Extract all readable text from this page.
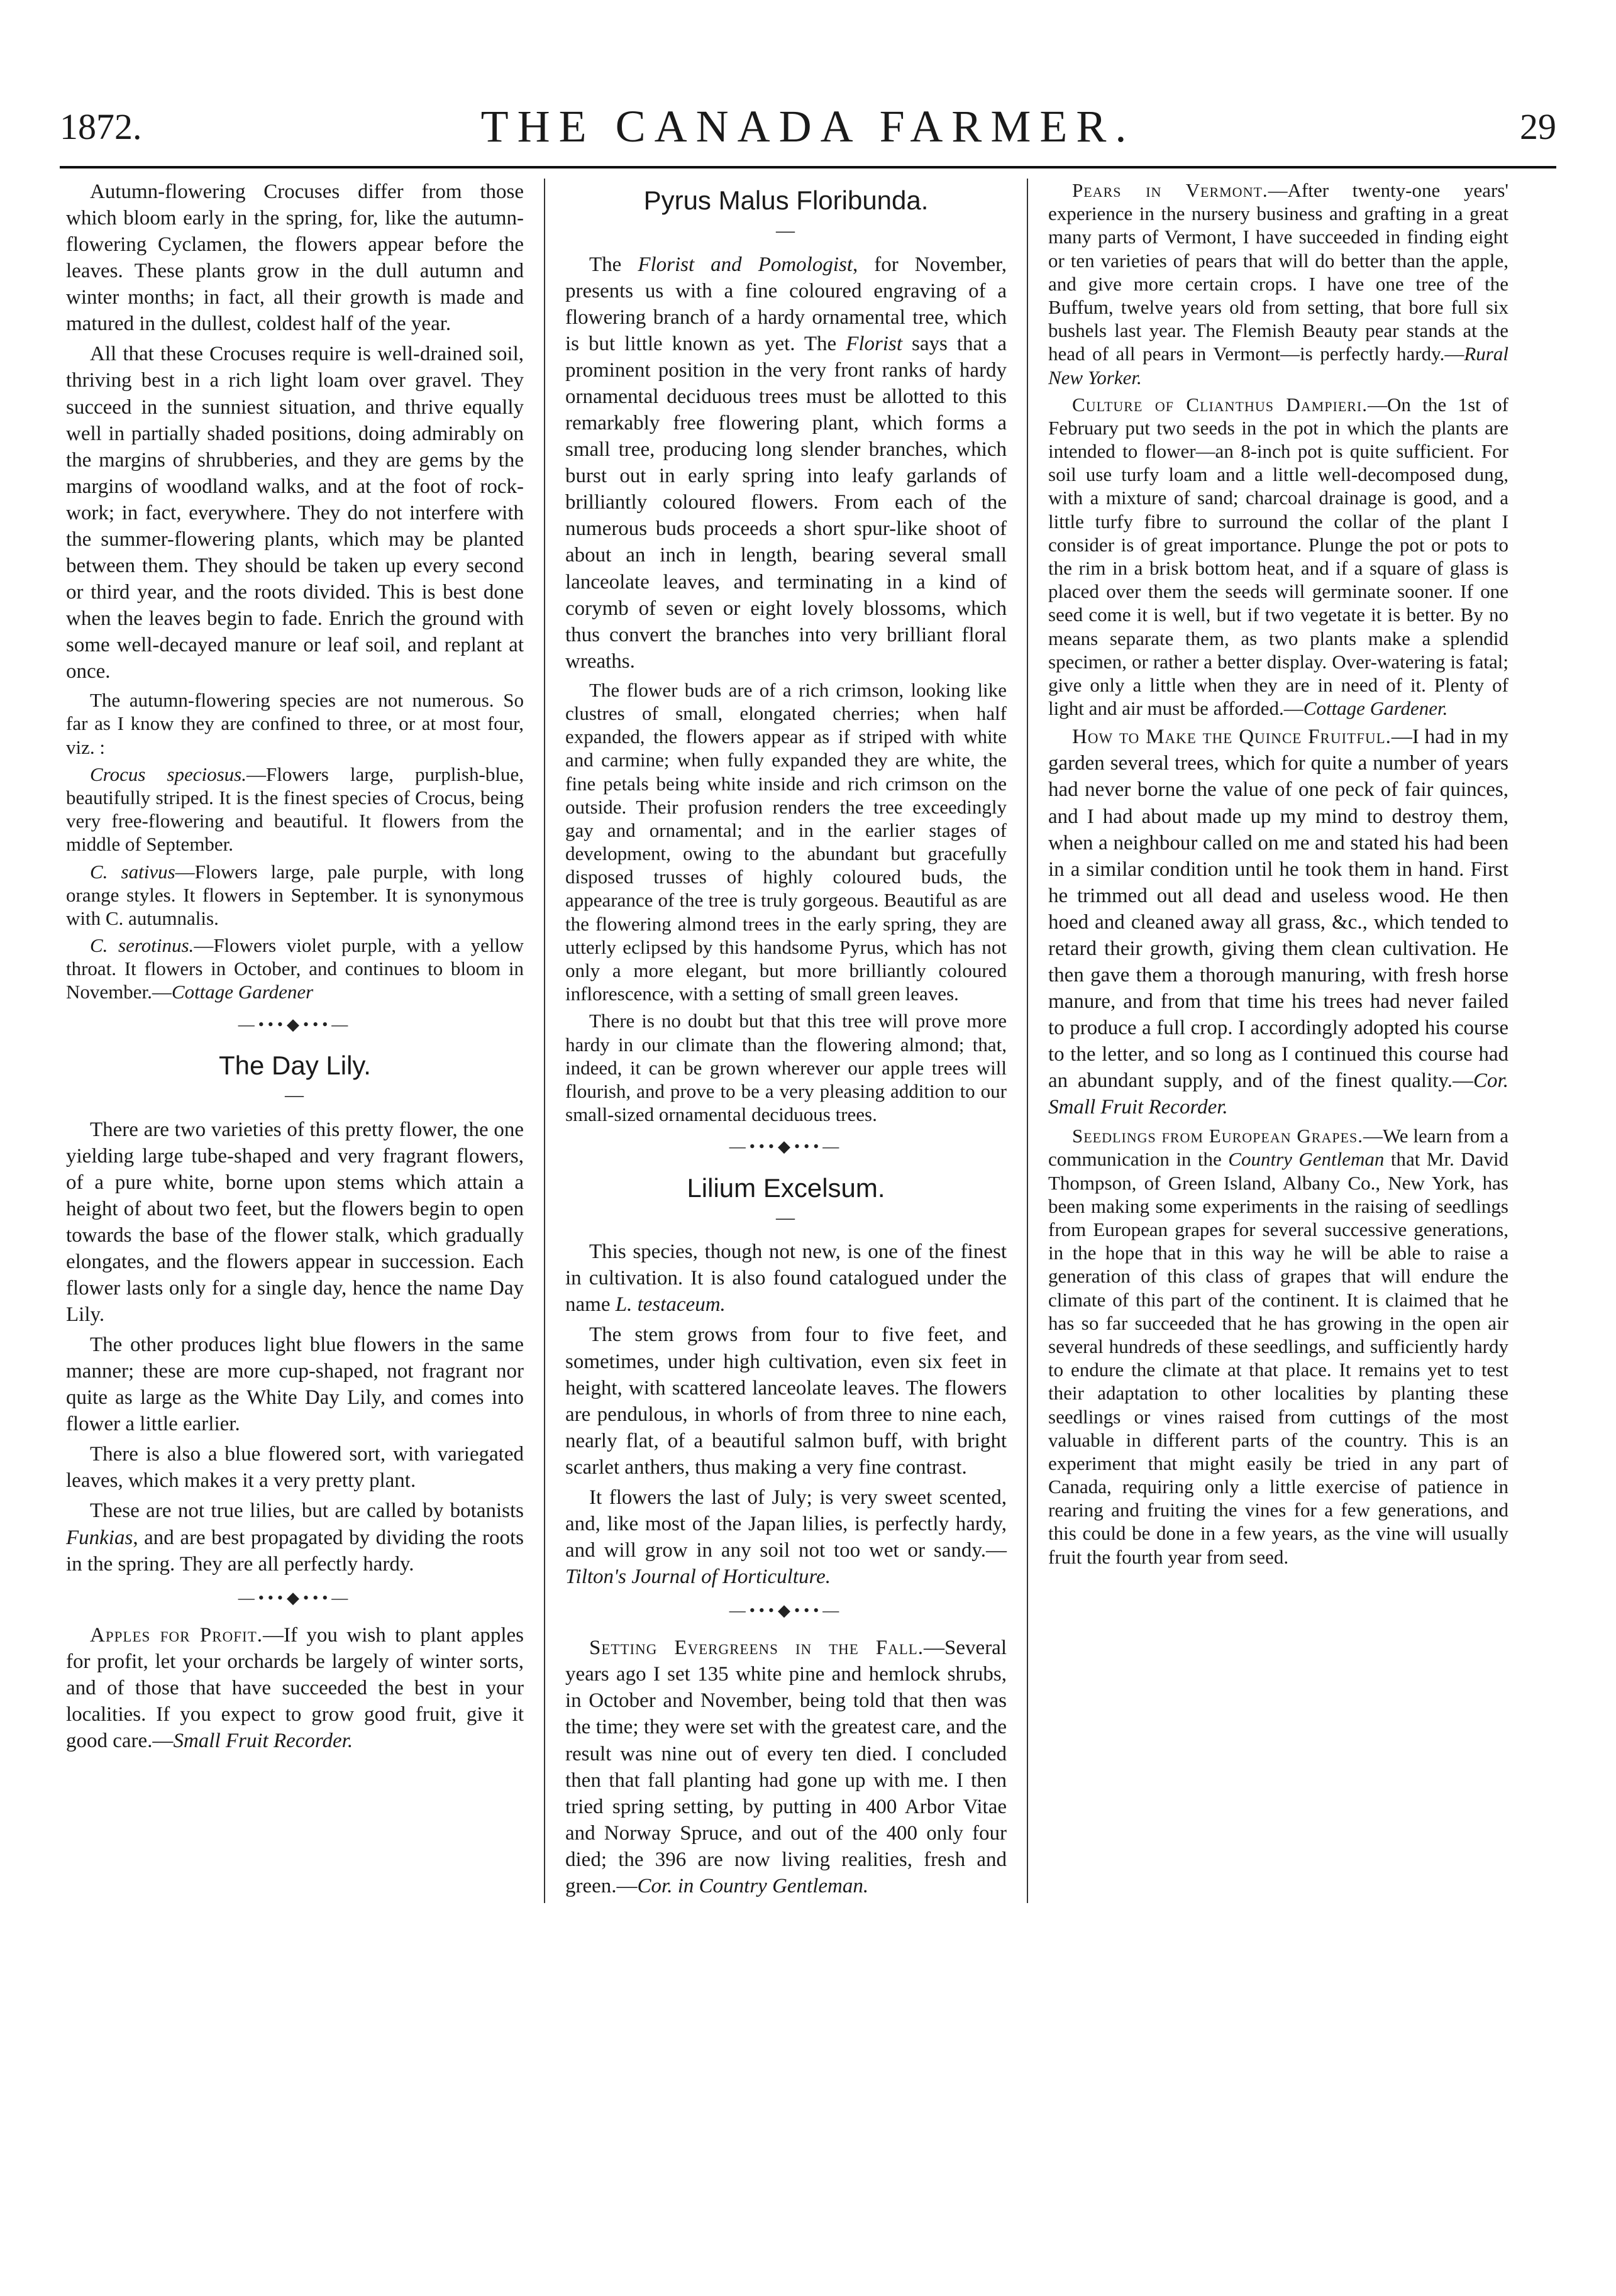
1872.	THE CANADA FARMER.	29

Autumn-flowering Crocuses differ from those which bloom early in the spring, for, like the autumn-flowering Cyclamen, the flowers appear before the leaves. These plants grow in the dull autumn and winter months; in fact, all their growth is made and matured in the dullest, coldest half of the year.

All that these Crocuses require is well-drained soil, thriving best in a rich light loam over gravel. They succeed in the sunniest situation, and thrive equally well in partially shaded positions, doing admirably on the margins of shrubberies, and they are gems by the margins of woodland walks, and at the foot of rock-work; in fact, everywhere. They do not interfere with the summer-flowering plants, which may be planted between them. They should be taken up every second or third year, and the roots divided. This is best done when the leaves begin to fade. Enrich the ground with some well-decayed manure or leaf soil, and replant at once.

The autumn-flowering species are not numerous. So far as I know they are confined to three, or at most four, viz. :

Crocus speciosus.—Flowers large, purplish-blue, beautifully striped. It is the finest species of Crocus, being very free-flowering and beautiful. It flowers from the middle of September.

C. sativus—Flowers large, pale purple, with long orange styles. It flowers in September. It is synonymous with C. autumnalis.

C. serotinus.—Flowers violet purple, with a yellow throat. It flowers in October, and continues to bloom in November.—Cottage Gardener

—•••◆•••—
The Day Lily.
—

There are two varieties of this pretty flower, the one yielding large tube-shaped and very fragrant flowers, of a pure white, borne upon stems which attain a height of about two feet, but the flowers begin to open towards the base of the flower stalk, which gradually elongates, and the flowers appear in succession. Each flower lasts only for a single day, hence the name Day Lily.

The other produces light blue flowers in the same manner; these are more cup-shaped, not fragrant nor quite as large as the White Day Lily, and comes into flower a little earlier.

There is also a blue flowered sort, with variegated leaves, which makes it a very pretty plant.

These are not true lilies, but are called by botanists Funkias, and are best propagated by dividing the roots in the spring. They are all perfectly hardy.

—•••◆•••—

Apples for Profit.—If you wish to plant apples for profit, let your orchards be largely of winter sorts, and of those that have succeeded the best in your localities. If you expect to grow good fruit, give it good care.—Small Fruit Recorder.

Pyrus Malus Floribunda.
—

The Florist and Pomologist, for November, presents us with a fine coloured engraving of a flowering branch of a hardy ornamental tree, which is but little known as yet. The Florist says that a prominent position in the very front ranks of hardy ornamental deciduous trees must be allotted to this remarkably free flowering plant, which forms a small tree, producing long slender branches, which burst out in early spring into leafy garlands of brilliantly coloured flowers. From each of the numerous buds proceeds a short spur-like shoot of about an inch in length, bearing several small lanceolate leaves, and terminating in a kind of corymb of seven or eight lovely blossoms, which thus convert the branches into very brilliant floral wreaths.

The flower buds are of a rich crimson, looking like clustres of small, elongated cherries; when half expanded, the flowers appear as if striped with white and carmine; when fully expanded they are white, the fine petals being white inside and rich crimson on the outside. Their profusion renders the tree exceedingly gay and ornamental; and in the earlier stages of development, owing to the abundant but gracefully disposed trusses of highly coloured buds, the appearance of the tree is truly gorgeous. Beautiful as are the flowering almond trees in the early spring, they are utterly eclipsed by this handsome Pyrus, which has not only a more elegant, but more brilliantly coloured inflorescence, with a setting of small green leaves.

There is no doubt but that this tree will prove more hardy in our climate than the flowering almond; that, indeed, it can be grown wherever our apple trees will flourish, and prove to be a very pleasing addition to our small-sized ornamental deciduous trees.

—•••◆•••—
Lilium Excelsum.
—

This species, though not new, is one of the finest in cultivation. It is also found catalogued under the name L. testaceum.

The stem grows from four to five feet, and sometimes, under high cultivation, even six feet in height, with scattered lanceolate leaves. The flowers are pendulous, in whorls of from three to nine each, nearly flat, of a beautiful salmon buff, with bright scarlet anthers, thus making a very fine contrast.

It flowers the last of July; is very sweet scented, and, like most of the Japan lilies, is perfectly hardy, and will grow in any soil not too wet or sandy.—Tilton's Journal of Horticulture.

—•••◆•••—

Setting Evergreens in the Fall.—Several years ago I set 135 white pine and hemlock shrubs, in October and November, being told that then was the time; they were set with the greatest care, and the result was nine out of every ten died. I concluded then that fall planting had gone up with me. I then tried spring setting, by putting in 400 Arbor Vitae and Norway Spruce, and out of the 400 only four died; the 396 are now living realities, fresh and green.—Cor. in Country Gentleman.

Pears in Vermont.—After twenty-one years' experience in the nursery business and grafting in a great many parts of Vermont, I have succeeded in finding eight or ten varieties of pears that will do better than the apple, and give more certain crops. I have one tree of the Buffum, twelve years old from setting, that bore full six bushels last year. The Flemish Beauty pear stands at the head of all pears in Vermont—is perfectly hardy.—Rural New Yorker.

Culture of Clianthus Dampieri.—On the 1st of February put two seeds in the pot in which the plants are intended to flower—an 8-inch pot is quite sufficient. For soil use turfy loam and a little well-decomposed dung, with a mixture of sand; charcoal drainage is good, and a little turfy fibre to surround the collar of the plant I consider is of great importance. Plunge the pot or pots to the rim in a brisk bottom heat, and if a square of glass is placed over them the seeds will germinate sooner. If one seed come it is well, but if two vegetate it is better. By no means separate them, as two plants make a splendid specimen, or rather a better display. Over-watering is fatal; give only a little when they are in need of it. Plenty of light and air must be afforded.—Cottage Gardener.

How to Make the Quince Fruitful.—I had in my garden several trees, which for quite a number of years had never borne the value of one peck of fair quinces, and I had about made up my mind to destroy them, when a neighbour called on me and stated his had been in a similar condition until he took them in hand. First he trimmed out all dead and useless wood. He then hoed and cleaned away all grass, &c., which tended to retard their growth, giving them clean cultivation. He then gave them a thorough manuring, with fresh horse manure, and from that time his trees had never failed to produce a full crop. I accordingly adopted his course to the letter, and so long as I continued this course had an abundant supply, and of the finest quality.—Cor. Small Fruit Recorder.

Seedlings from European Grapes.—We learn from a communication in the Country Gentleman that Mr. David Thompson, of Green Island, Albany Co., New York, has been making some experiments in the raising of seedlings from European grapes for several successive generations, in the hope that in this way he will be able to raise a generation of this class of grapes that will endure the climate of this part of the continent. It is claimed that he has so far succeeded that he has growing in the open air several hundreds of these seedlings, and sufficiently hardy to endure the climate at that place. It remains yet to test their adaptation to other localities by planting these seedlings or vines raised from cuttings of the most valuable in different parts of the country. This is an experiment that might easily be tried in any part of Canada, requiring only a little exercise of patience in rearing and fruiting the vines for a few generations, and this could be done in a few years, as the vine will usually fruit the fourth year from seed.
